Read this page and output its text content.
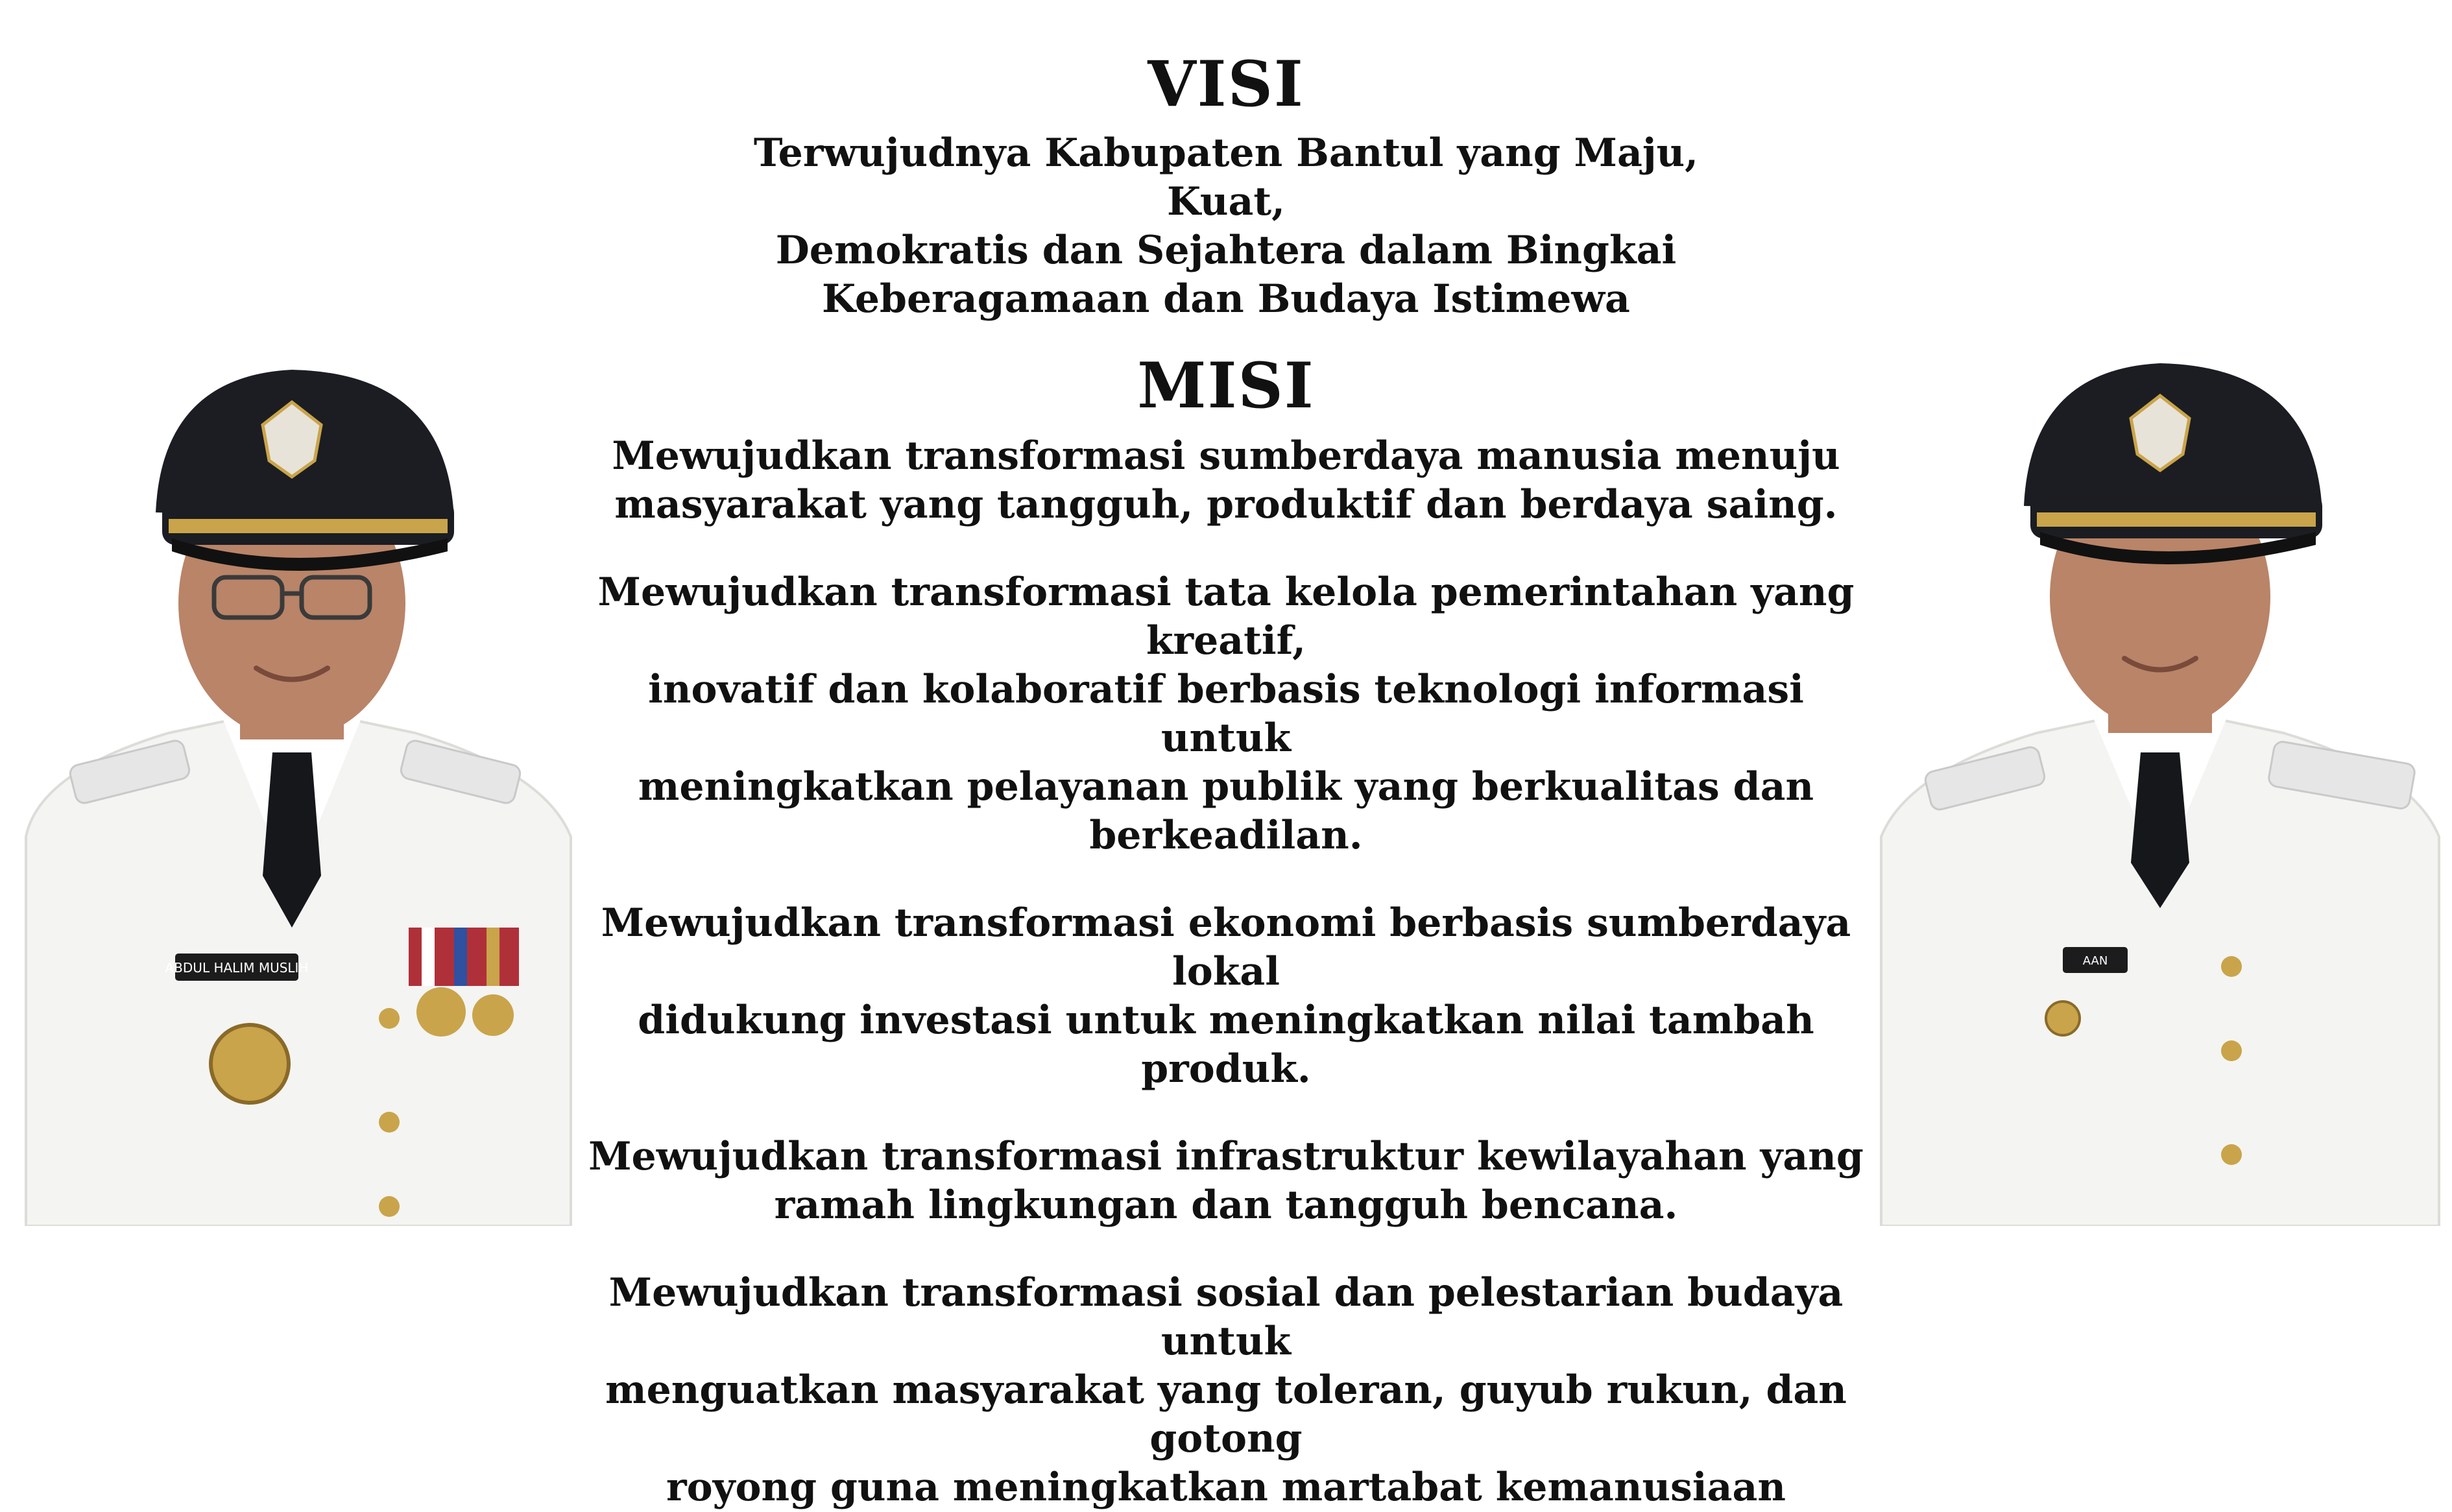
ABDUL HALIM MUSLIH	AAN
VISI
Terwujudnya Kabupaten Bantul yang Maju, Kuat,
Demokratis dan Sejahtera dalam Bingkai
Keberagamaan dan Budaya Istimewa
MISI
Mewujudkan transformasi sumberdaya manusia menuju
masyarakat yang tangguh, produktif dan berdaya saing.
Mewujudkan transformasi tata kelola pemerintahan yang kreatif,
inovatif dan kolaboratif berbasis teknologi informasi untuk
meningkatkan pelayanan publik yang berkualitas dan
berkeadilan.
Mewujudkan transformasi ekonomi berbasis sumberdaya lokal
didukung investasi untuk meningkatkan nilai tambah produk.
Mewujudkan transformasi infrastruktur kewilayahan yang
ramah lingkungan dan tangguh bencana.
Mewujudkan transformasi sosial dan pelestarian budaya untuk
menguatkan masyarakat yang toleran, guyub rukun, dan gotong
royong guna meningkatkan martabat kemanusiaan
